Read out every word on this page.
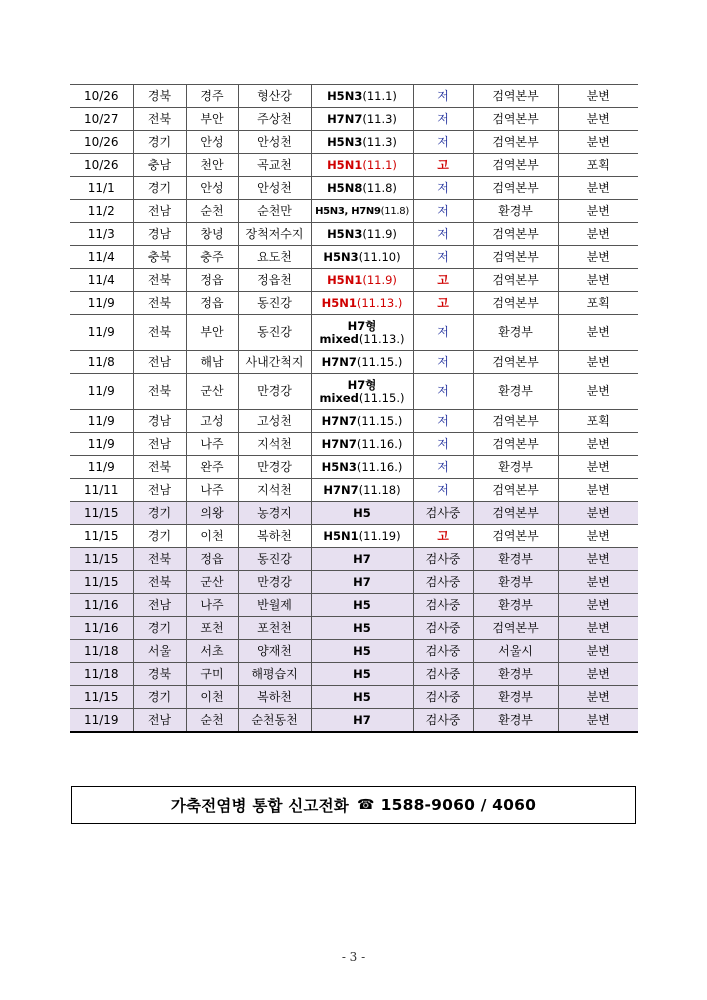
10/26	경북	경주	형산강	H5N3(11.1)	저	검역본부	분변
10/27	전북	부안	주상천	H7N7(11.3)	저	검역본부	분변
10/26	경기	안성	안성천	H5N3(11.3)	저	검역본부	분변
10/26	충남	천안	곡교천	H5N1(11.1)	고	검역본부	포획
11/1	경기	안성	안성천	H5N8(11.8)	저	검역본부	분변
11/2	전남	순천	순천만	H5N3, H7N9(11.8)	저	환경부	분변
11/3	경남	창녕	장척저수지	H5N3(11.9)	저	검역본부	분변
11/4	충북	충주	요도천	H5N3(11.10)	저	검역본부	분변
11/4	전북	정읍	정읍천	H5N1(11.9)	고	검역본부	분변
11/9	전북	정읍	동진강	H5N1(11.13.)	고	검역본부	포획
11/9	전북	부안	동진강	H7형
mixed(11.13.)	저	환경부	분변
11/8	전남	해남	사내간척지	H7N7(11.15.)	저	검역본부	분변
11/9	전북	군산	만경강	H7형
mixed(11.15.)	저	환경부	분변
11/9	경남	고성	고성천	H7N7(11.15.)	저	검역본부	포획
11/9	전남	나주	지석천	H7N7(11.16.)	저	검역본부	분변
11/9	전북	완주	만경강	H5N3(11.16.)	저	환경부	분변
11/11	전남	나주	지석천	H7N7(11.18)	저	검역본부	분변
11/15	경기	의왕	농경지	H5	검사중	검역본부	분변
11/15	경기	이천	복하천	H5N1(11.19)	고	검역본부	분변
11/15	전북	정읍	동진강	H7	검사중	환경부	분변
11/15	전북	군산	만경강	H7	검사중	환경부	분변
11/16	전남	나주	반월제	H5	검사중	환경부	분변
11/16	경기	포천	포천천	H5	검사중	검역본부	분변
11/18	서울	서초	양재천	H5	검사중	서울시	분변
11/18	경북	구미	해평습지	H5	검사중	환경부	분변
11/15	경기	이천	복하천	H5	검사중	환경부	분변
11/19	전남	순천	순천동천	H7	검사중	환경부	분변
가축전염병 통합 신고전화 ☎ 1588-9060 / 4060
- 3 -
